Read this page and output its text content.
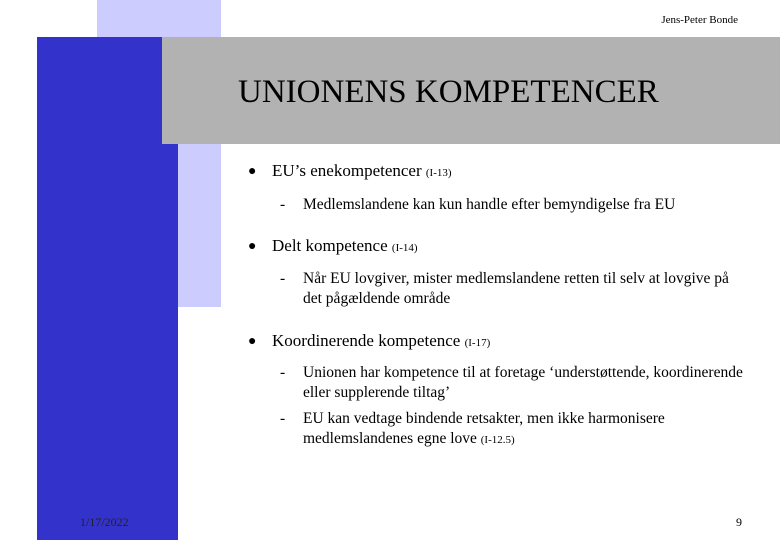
Jens-Peter Bonde
UNIONENS KOMPETENCER
● EU’s enekompetencer (I-13)
- Medlemslandene kan kun handle efter bemyndigelse fra EU
● Delt kompetence (I-14)
- Når EU lovgiver, mister medlemslandene retten til selv at lovgive på det pågældende område
● Koordinerende kompetence (I-17)
- Unionen har kompetence til at foretage ‘understøttende, koordinerende eller supplerende tiltag’
- EU kan vedtage bindende retsakter, men ikke harmonisere medlemslandenes egne love (I-12.5)
1/17/2022	9
